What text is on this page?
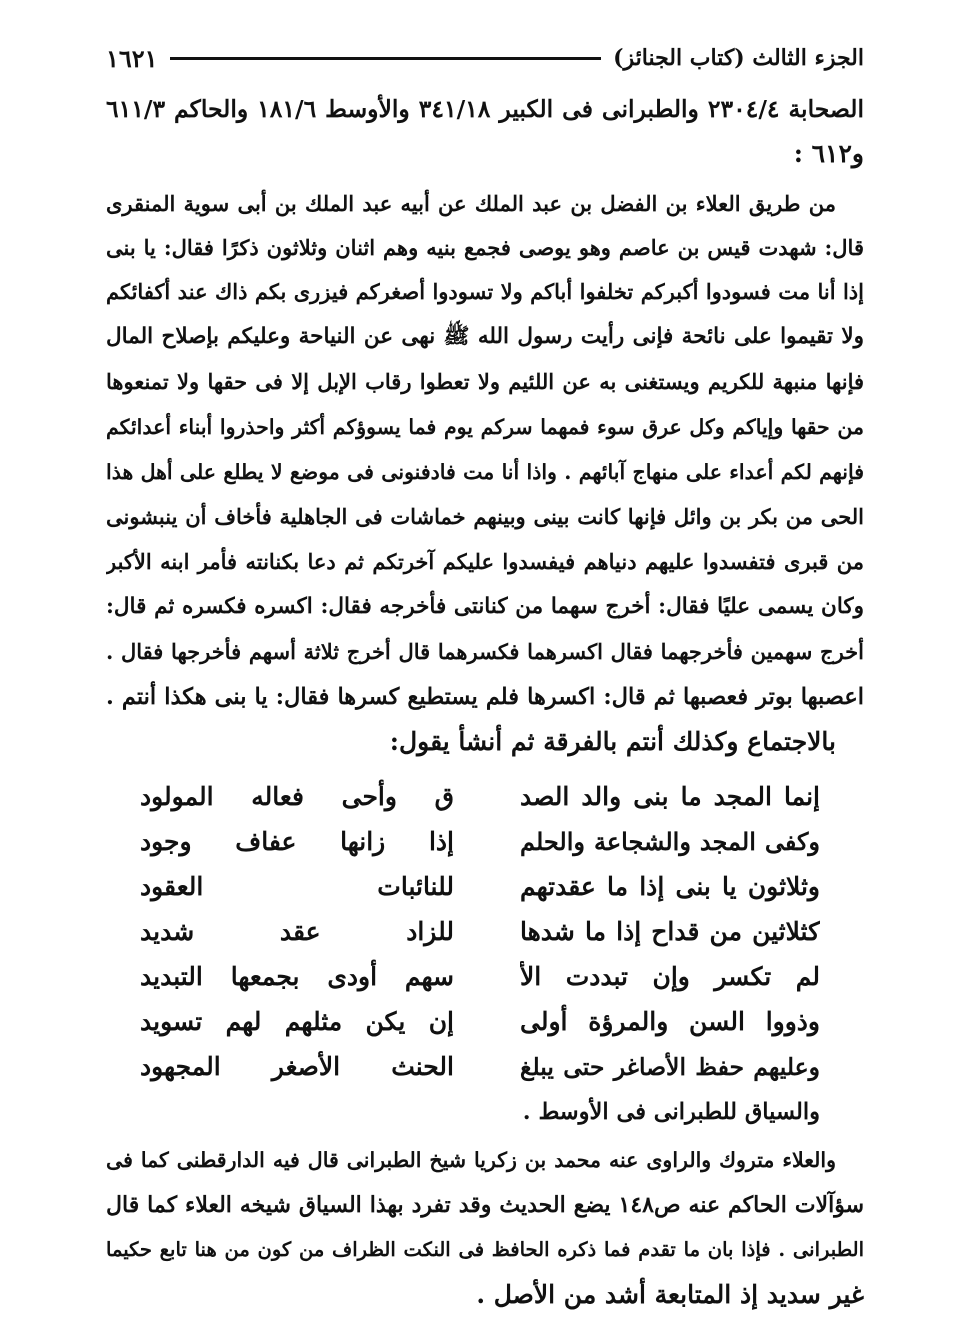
الجزء الثالث (كتاب الجنائز)
١٦٢١
الصحابة ٢٣٠٤/٤ والطبرانى فى الكبير ٣٤١/١٨ والأوسط ١٨١/٦ والحاكم ٦١١/٣
و٦١٢ :
من طريق العلاء بن الفضل بن عبد الملك عن أبيه عبد الملك بن أبى سوية المنقرى
قال: شهدت قيس بن عاصم وهو يوصى فجمع بنيه وهم اثنان وثلاثون ذكرًا فقال: يا بنى
إذا أنا مت فسودوا أكبركم تخلفوا أباكم ولا تسودوا أصغركم فيزرى بكم ذاك عند أكفائكم
ولا تقيموا على نائحة فإنى رأيت رسول الله ﷺ نهى عن النياحة وعليكم بإصلاح المال
فإنها منبهة للكريم ويستغنى به عن اللئيم ولا تعطوا رقاب الإبل إلا فى حقها ولا تمنعوها
من حقها وإياكم وكل عرق سوء فمهما سركم يوم فما يسوؤكم أكثر واحذروا أبناء أعدائكم
فإنهم لكم أعداء على منهاج آبائهم . واذا أنا مت فادفنونى فى موضع لا يطلع على أهل هذا
الحى من بكر بن وائل فإنها كانت بينى وبينهم خماشات فى الجاهلية فأخاف أن ينبشونى
من قبرى فتفسدوا عليهم دنياهم فيفسدوا عليكم آخرتكم ثم دعا بكنانته فأمر ابنه الأكبر
وكان يسمى عليًا فقال: أخرج سهما من كنانتى فأخرجه فقال: اكسره فكسره ثم قال:
أخرج سهمين فأخرجهما فقال اكسرهما فكسرهما قال أخرج ثلاثة أسهم فأخرجها فقال .
اعصبها بوتر فعصبها ثم قال: اكسرها فلم يستطيع كسرها فقال: يا بنى هكذا أنتم .
بالاجتماع وكذلك أنتم بالفرقة ثم أنشأ يقول:
إنما المجد ما بنى والد الصد
ق وأحى فعاله المولود
وكفى المجد والشجاعة والحلم
إذا زانها عفاف وجود
وثلاثون يا بنى إذا ما عقدتهم
للنائبات العقود
كثلاثين من قداح إذا ما شدها
للزاد عقد شديد
لم تكسر وإن تبددت الأ
سهم أودى بجمعها التبديد
وذووا السن والمرؤة أولى
إن يكن مثلهم لهم تسويد
وعليهم حفظ الأصاغر حتى يبلغ
الحنث الأصغر المجهود
والسياق للطبرانى فى الأوسط .
والعلاء متروك والراوى عنه محمد بن زكريا شيخ الطبرانى قال فيه الدارقطنى كما فى
سؤآلات الحاكم عنه ص١٤٨ يضع الحديث وقد تفرد بهذا السياق شيخه العلاء كما قال
الطبرانى . فإذا بان ما تقدم فما ذكره الحافظ فى النكت الظراف من كون من هنا تابع حكيما
غير سديد إذ المتابعة أشد من الأصل .
